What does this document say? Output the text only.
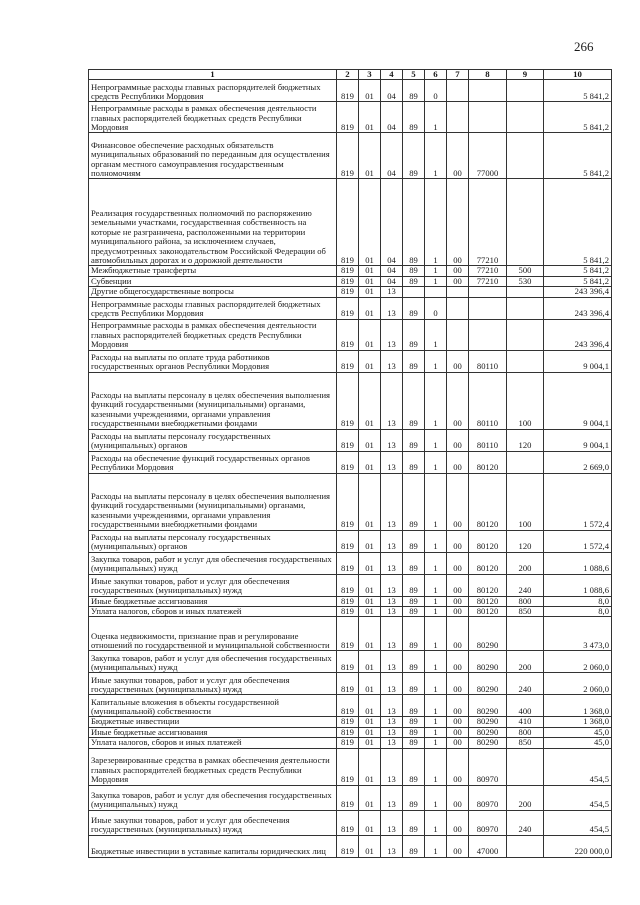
266
1	2	3	4	5	6	7	8	9	10
Непрограммные расходы главных распорядителей бюджетных средств Республики Мордовия	819	01	04	89	0				5 841,2
Непрограммные расходы в рамках обеспечения деятельности главных распорядителей бюджетных средств Республики Мордовия	819	01	04	89	1				5 841,2
Финансовое обеспечение расходных обязательств муниципальных образований по переданным для осуществления органам местного самоуправления государственным полномочиям	819	01	04	89	1	00	77000		5 841,2
Реализация государственных полномочий по распоряжению земельными участками, государственная собственность на которые не разграничена, расположенными на территории муниципального района, за исключением случаев, предусмотренных законодательством Российской Федерации об автомобильных дорогах и о дорожной деятельности	819	01	04	89	1	00	77210		5 841,2
Межбюджетные трансферты	819	01	04	89	1	00	77210	500	5 841,2
Субвенции	819	01	04	89	1	00	77210	530	5 841,2
Другие общегосударственные вопросы	819	01	13						243 396,4
Непрограммные расходы главных распорядителей бюджетных средств Республики Мордовия	819	01	13	89	0				243 396,4
Непрограммные расходы в рамках обеспечения деятельности главных распорядителей бюджетных средств Республики Мордовия	819	01	13	89	1				243 396,4
Расходы на выплаты по оплате труда работников государственных органов Республики Мордовия	819	01	13	89	1	00	80110		9 004,1
Расходы на выплаты персоналу в целях обеспечения выполнения функций государственными (муниципальными) органами, казенными учреждениями, органами управления государственными внебюджетными фондами	819	01	13	89	1	00	80110	100	9 004,1
Расходы на выплаты персоналу государственных (муниципальных) органов	819	01	13	89	1	00	80110	120	9 004,1
Расходы на обеспечение функций государственных органов Республики Мордовия	819	01	13	89	1	00	80120		2 669,0
Расходы на выплаты персоналу в целях обеспечения выполнения функций государственными (муниципальными) органами, казенными учреждениями, органами управления государственными внебюджетными фондами	819	01	13	89	1	00	80120	100	1 572,4
Расходы на выплаты персоналу государственных (муниципальных) органов	819	01	13	89	1	00	80120	120	1 572,4
Закупка товаров, работ и услуг для обеспечения государственных (муниципальных) нужд	819	01	13	89	1	00	80120	200	1 088,6
Иные закупки товаров, работ и услуг для обеспечения государственных (муниципальных) нужд	819	01	13	89	1	00	80120	240	1 088,6
Иные бюджетные ассигнования	819	01	13	89	1	00	80120	800	8,0
Уплата налогов, сборов и иных платежей	819	01	13	89	1	00	80120	850	8,0
Оценка недвижимости, признание прав и регулирование отношений по государственной и муниципальной собственности	819	01	13	89	1	00	80290		3 473,0
Закупка товаров, работ и услуг для обеспечения государственных (муниципальных) нужд	819	01	13	89	1	00	80290	200	2 060,0
Иные закупки товаров, работ и услуг для обеспечения государственных (муниципальных) нужд	819	01	13	89	1	00	80290	240	2 060,0
Капитальные вложения в объекты государственной (муниципальной) собственности	819	01	13	89	1	00	80290	400	1 368,0
Бюджетные инвестиции	819	01	13	89	1	00	80290	410	1 368,0
Иные бюджетные ассигнования	819	01	13	89	1	00	80290	800	45,0
Уплата налогов, сборов и иных платежей	819	01	13	89	1	00	80290	850	45,0
Зарезервированные средства в рамках обеспечения деятельности главных распорядителей бюджетных средств Республики Мордовия	819	01	13	89	1	00	80970		454,5
Закупка товаров, работ и услуг для обеспечения государственных (муниципальных) нужд	819	01	13	89	1	00	80970	200	454,5
Иные закупки товаров, работ и услуг для обеспечения государственных (муниципальных) нужд	819	01	13	89	1	00	80970	240	454,5
Бюджетные инвестиции в уставные капиталы юридических лиц	819	01	13	89	1	00	47000		220 000,0
